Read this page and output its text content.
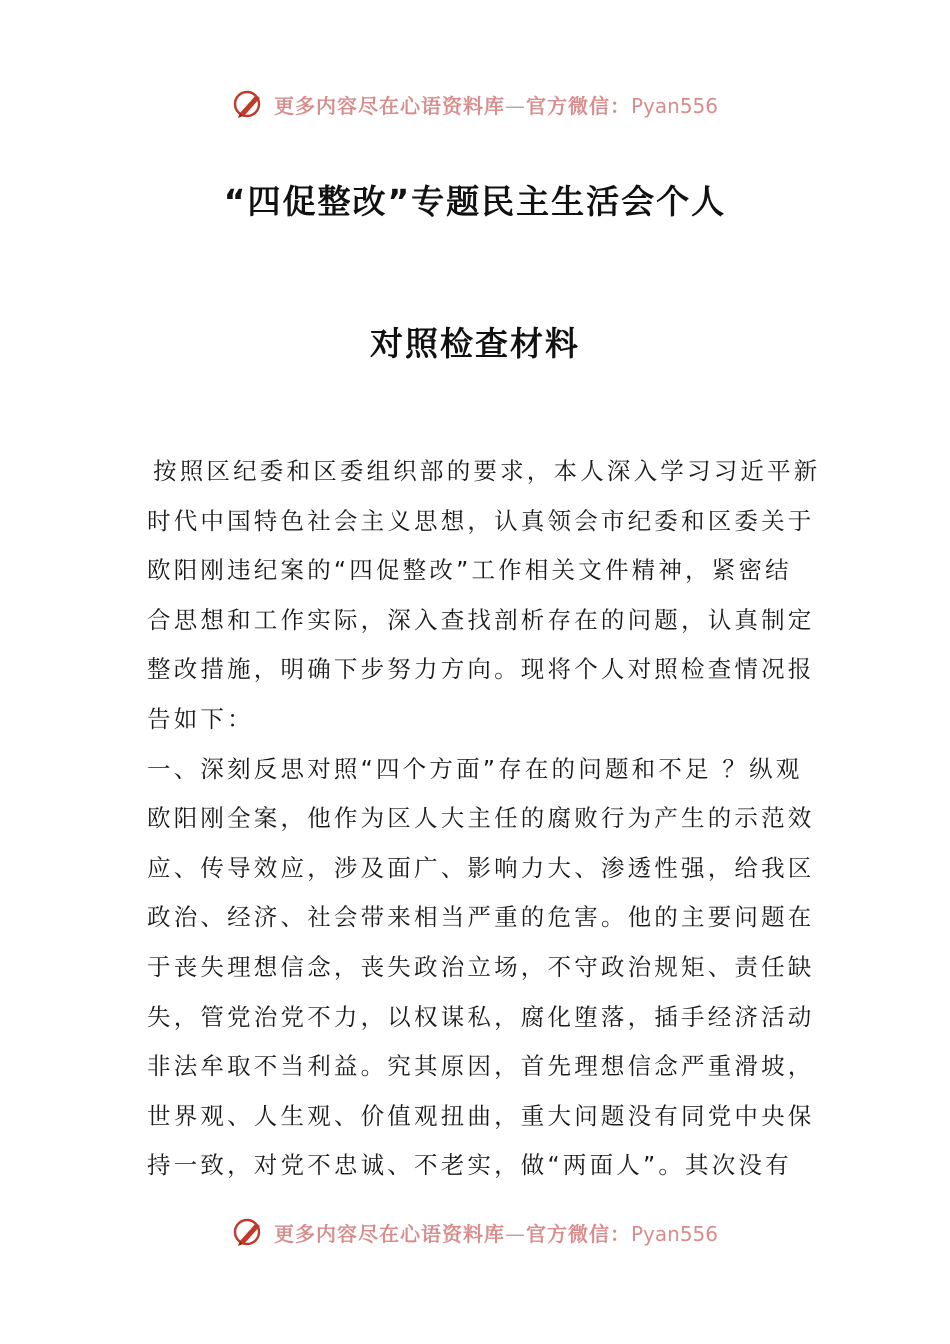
更多内容尽在心语资料库—官方微信：Pyan556
“四促整改”专题民主生活会个人
对照检查材料
按照区纪委和区委组织部的要求，本人深入学习习近平新
时代中国特色社会主义思想，认真领会市纪委和区委关于
欧阳刚违纪案的“四促整改”工作相关文件精神，紧密结
合思想和工作实际，深入查找剖析存在的问题，认真制定
整改措施，明确下步努力方向。现将个人对照检查情况报
告如下：
一、深刻反思对照“四个方面”存在的问题和不足 ？纵观
欧阳刚全案，他作为区人大主任的腐败行为产生的示范效
应、传导效应，涉及面广、影响力大、渗透性强，给我区
政治、经济、社会带来相当严重的危害。他的主要问题在
于丧失理想信念，丧失政治立场，不守政治规矩、责任缺
失，管党治党不力，以权谋私，腐化堕落，插手经济活动
非法牟取不当利益。究其原因，首先理想信念严重滑坡，
世界观、人生观、价值观扭曲，重大问题没有同党中央保
持一致，对党不忠诚、不老实，做“两面人”。其次没有
更多内容尽在心语资料库—官方微信：Pyan556
